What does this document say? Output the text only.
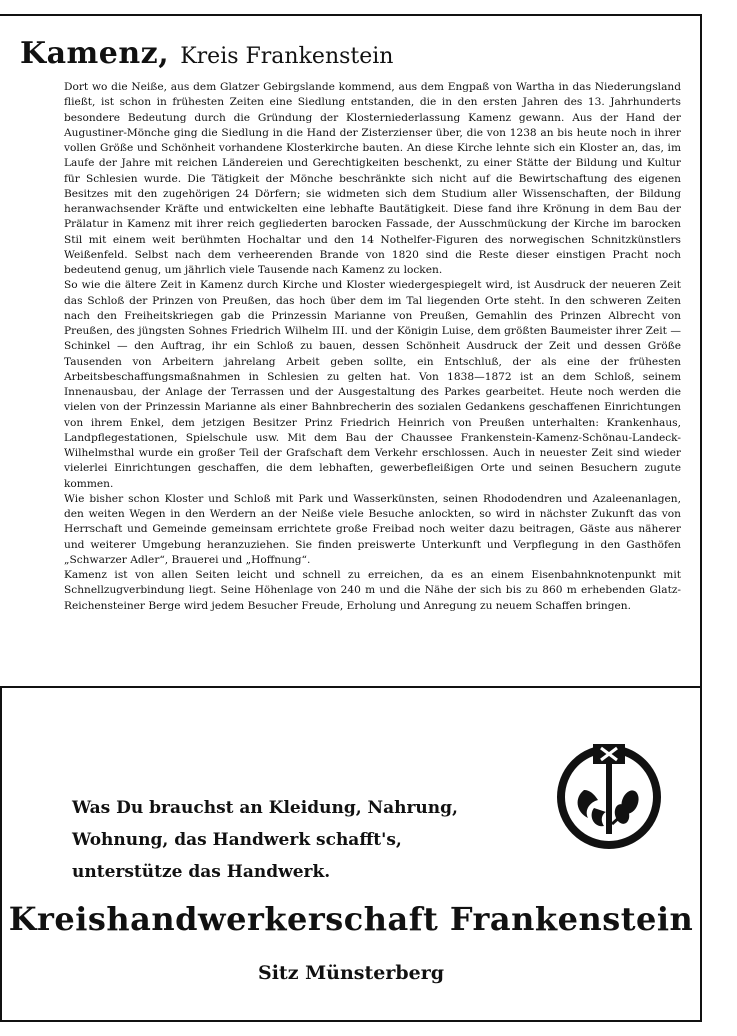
Kamenz, Kreis Frankenstein

Dort wo die Neiße, aus dem Glatzer Gebirgslande kommend, aus dem Engpaß von Wartha in das Niederungsland fließt, ist schon in frühesten Zeiten eine Siedlung entstanden, die in den ersten Jahren des 13. Jahrhunderts besondere Bedeutung durch die Gründung der Klosterniederlassung Kamenz gewann. Aus der Hand der Augustiner-Mönche ging die Siedlung in die Hand der Zisterzienser über, die von 1238 an bis heute noch in ihrer vollen Größe und Schönheit vorhandene Klosterkirche bauten. An diese Kirche lehnte sich ein Kloster an, das, im Laufe der Jahre mit reichen Ländereien und Gerechtigkeiten beschenkt, zu einer Stätte der Bildung und Kultur für Schlesien wurde. Die Tätigkeit der Mönche beschränkte sich nicht auf die Bewirtschaftung des eigenen Besitzes mit den zugehörigen 24 Dörfern; sie widmeten sich dem Studium aller Wissenschaften, der Bildung heranwachsender Kräfte und entwickelten eine lebhafte Bautätigkeit. Diese fand ihre Krönung in dem Bau der Prälatur in Kamenz mit ihrer reich gegliederten barocken Fassade, der Ausschmückung der Kirche im barocken Stil mit einem weit berühmten Hochaltar und den 14 Nothelfer-Figuren des norwegischen Schnitzkünstlers Weißenfeld. Selbst nach dem verheerenden Brande von 1820 sind die Reste dieser einstigen Pracht noch bedeutend genug, um jährlich viele Tausende nach Kamenz zu locken.

So wie die ältere Zeit in Kamenz durch Kirche und Kloster wiedergespiegelt wird, ist Ausdruck der neueren Zeit das Schloß der Prinzen von Preußen, das hoch über dem im Tal liegenden Orte steht. In den schweren Zeiten nach den Freiheitskriegen gab die Prinzessin Marianne von Preußen, Gemahlin des Prinzen Albrecht von Preußen, des jüngsten Sohnes Friedrich Wilhelm III. und der Königin Luise, dem größten Baumeister ihrer Zeit — Schinkel — den Auftrag, ihr ein Schloß zu bauen, dessen Schönheit Ausdruck der Zeit und dessen Größe Tausenden von Arbeitern jahrelang Arbeit geben sollte, ein Entschluß, der als eine der frühesten Arbeitsbeschaffungsmaßnahmen in Schlesien zu gelten hat. Von 1838—1872 ist an dem Schloß, seinem Innenausbau, der Anlage der Terrassen und der Ausgestaltung des Parkes gearbeitet. Heute noch werden die vielen von der Prinzessin Marianne als einer Bahnbrecherin des sozialen Gedankens geschaffenen Einrichtungen von ihrem Enkel, dem jetzigen Besitzer Prinz Friedrich Heinrich von Preußen unterhalten: Krankenhaus, Landpflegestationen, Spielschule usw. Mit dem Bau der Chaussee Frankenstein-Kamenz-Schönau-Landeck-Wilhelmsthal wurde ein großer Teil der Grafschaft dem Verkehr erschlossen. Auch in neuester Zeit sind wieder vielerlei Einrichtungen geschaffen, die dem lebhaften, gewerbefleißigen Orte und seinen Besuchern zugute kommen.

Wie bisher schon Kloster und Schloß mit Park und Wasserkünsten, seinen Rhododendren und Azaleenanlagen, den weiten Wegen in den Werdern an der Neiße viele Besuche anlockten, so wird in nächster Zukunft das von Herrschaft und Gemeinde gemeinsam errichtete große Freibad noch weiter dazu beitragen, Gäste aus näherer und weiterer Umgebung heranzuziehen. Sie finden preiswerte Unterkunft und Verpflegung in den Gasthöfen „Schwarzer Adler“, Brauerei und „Hoffnung“.

Kamenz ist von allen Seiten leicht und schnell zu erreichen, da es an einem Eisenbahnknotenpunkt mit Schnellzugverbindung liegt. Seine Höhenlage von 240 m und die Nähe der sich bis zu 860 m erhebenden Glatz-Reichensteiner Berge wird jedem Besucher Freude, Erholung und Anregung zu neuem Schaffen bringen.

Was Du brauchst an Kleidung, Nahrung,
Wohnung, das Handwerk schafft's,
unterstütze das Handwerk.
Kreishandwerkerschaft Frankenstein
Sitz Münsterberg
